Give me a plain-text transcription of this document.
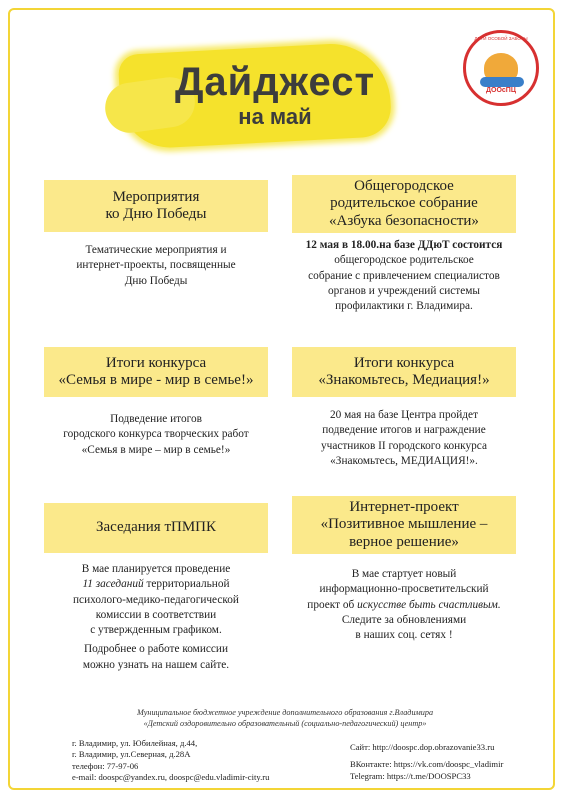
Дайджест
на май
ДЕТИ ОСОБОЙ ЗАБОТЫ
ДООсПЦ
Мероприятия
ко Дню Победы
Тематические мероприятия и
интернет-проекты, посвященные
Дню Победы
Общегородское
родительское собрание
«Азбука безопасности»
12 мая в 18.00.на базе ДДюТ состоится
общегородское родительское
собрание с привлечением специалистов
органов и учреждений системы
профилактики г. Владимира.
Итоги конкурса
«Семья в мире - мир в семье!»
Подведение итогов
городского конкурса творческих работ
«Семья в мире – мир в семье!»
Итоги конкурса
«Знакомьтесь, Медиация!»
20 мая на базе Центра пройдет
подведение итогов и награждение
участников II городского конкурса
«Знакомьтесь, МЕДИАЦИЯ!».
Заседания тПМПК
В мае планируется проведение
11 заседаний территориальной
психолого-медико-педагогической
комиссии в соответствии
с утвержденным графиком.
Подробнее о работе комиссии
можно узнать на нашем сайте.
Интернет-проект
«Позитивное мышление –
верное решение»
В мае стартует новый
информационно-просветительский
проект об искусстве быть счастливым.
Следите за обновлениями
в наших соц. сетях !
Муниципальное бюджетное учреждение дополнительного образования г.Владимира
«Детский оздоровительно образовательный (социально-педагогический) центр»
г. Владимир, ул. Юбилейная, д.44,
г. Владимир, ул.Северная, д.28А
телефон: 77-97-06
e-mail: doospc@yandex.ru, doospc@edu.vladimir-city.ru
Сайт: http://doospc.dop.obrazovanie33.ru
ВКонтакте: https://vk.com/doospc_vladimir
Telegram: https://t.me/DOOSPC33
